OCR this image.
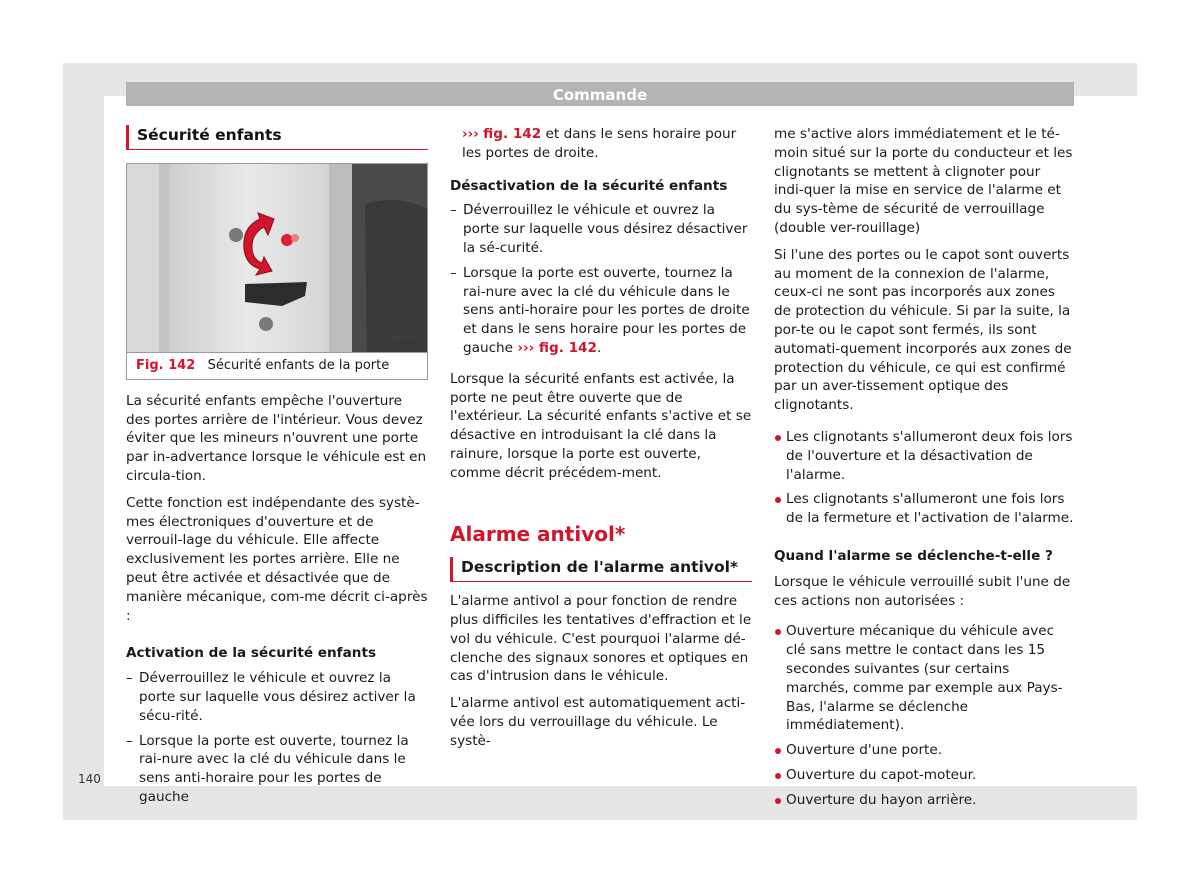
Commande
Sécurité enfants
B6J-0338
Fig. 142 Sécurité enfants de la porte

La sécurité enfants empêche l'ouverture des portes arrière de l'intérieur. Vous devez éviter que les mineurs n'ouvrent une porte par in-advertance lorsque le véhicule est en circula-tion.

Cette fonction est indépendante des systè-mes électroniques d'ouverture et de verrouil-lage du véhicule. Elle affecte exclusivement les portes arrière. Elle ne peut être activée et désactivée que de manière mécanique, com-me décrit ci-après :

Activation de la sécurité enfants

– Déverrouillez le véhicule et ouvrez la porte sur laquelle vous désirez activer la sécu-rité.
– Lorsque la porte est ouverte, tournez la rai-nure avec la clé du véhicule dans le sens anti-horaire pour les portes de gauche

››› fig. 142 et dans le sens horaire pour les portes de droite.

Désactivation de la sécurité enfants

– Déverrouillez le véhicule et ouvrez la porte sur laquelle vous désirez désactiver la sé-curité.
– Lorsque la porte est ouverte, tournez la rai-nure avec la clé du véhicule dans le sens anti-horaire pour les portes de droite et dans le sens horaire pour les portes de gauche ››› fig. 142.

Lorsque la sécurité enfants est activée, la porte ne peut être ouverte que de l'extérieur. La sécurité enfants s'active et se désactive en introduisant la clé dans la rainure, lorsque la porte est ouverte, comme décrit précédem-ment.

Alarme antivol*

Description de l'alarme antivol*

L'alarme antivol a pour fonction de rendre plus difficiles les tentatives d'effraction et le vol du véhicule. C'est pourquoi l'alarme dé-clenche des signaux sonores et optiques en cas d'intrusion dans le véhicule.

L'alarme antivol est automatiquement acti-vée lors du verrouillage du véhicule. Le systè-

me s'active alors immédiatement et le té-moin situé sur la porte du conducteur et les clignotants se mettent à clignoter pour indi-quer la mise en service de l'alarme et du sys-tème de sécurité de verrouillage (double ver-rouillage)

Si l'une des portes ou le capot sont ouverts au moment de la connexion de l'alarme, ceux-ci ne sont pas incorporés aux zones de protection du véhicule. Si par la suite, la por-te ou le capot sont fermés, ils sont automati-quement incorporés aux zones de protection du véhicule, ce qui est confirmé par un aver-tissement optique des clignotants.

Les clignotants s'allumeront deux fois lors de l'ouverture et la désactivation de l'alarme.
Les clignotants s'allumeront une fois lors de la fermeture et l'activation de l'alarme.

Quand l'alarme se déclenche-t-elle ?

Lorsque le véhicule verrouillé subit l'une de ces actions non autorisées :

Ouverture mécanique du véhicule avec clé sans mettre le contact dans les 15 secondes suivantes (sur certains marchés, comme par exemple aux Pays-Bas, l'alarme se déclenche immédiatement).
Ouverture d'une porte.
Ouverture du capot-moteur.
Ouverture du hayon arrière.
140
